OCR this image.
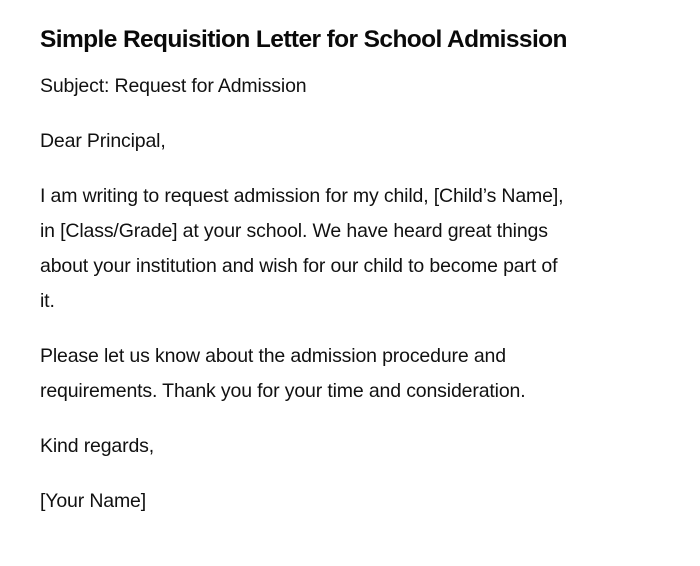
Simple Requisition Letter for School Admission

Subject: Request for Admission

Dear Principal,

I am writing to request admission for my child, [Child’s Name],
in [Class/Grade] at your school. We have heard great things
about your institution and wish for our child to become part of
it.
Please let us know about the admission procedure and
requirements. Thank you for your time and consideration.

Kind regards,

[Your Name]
